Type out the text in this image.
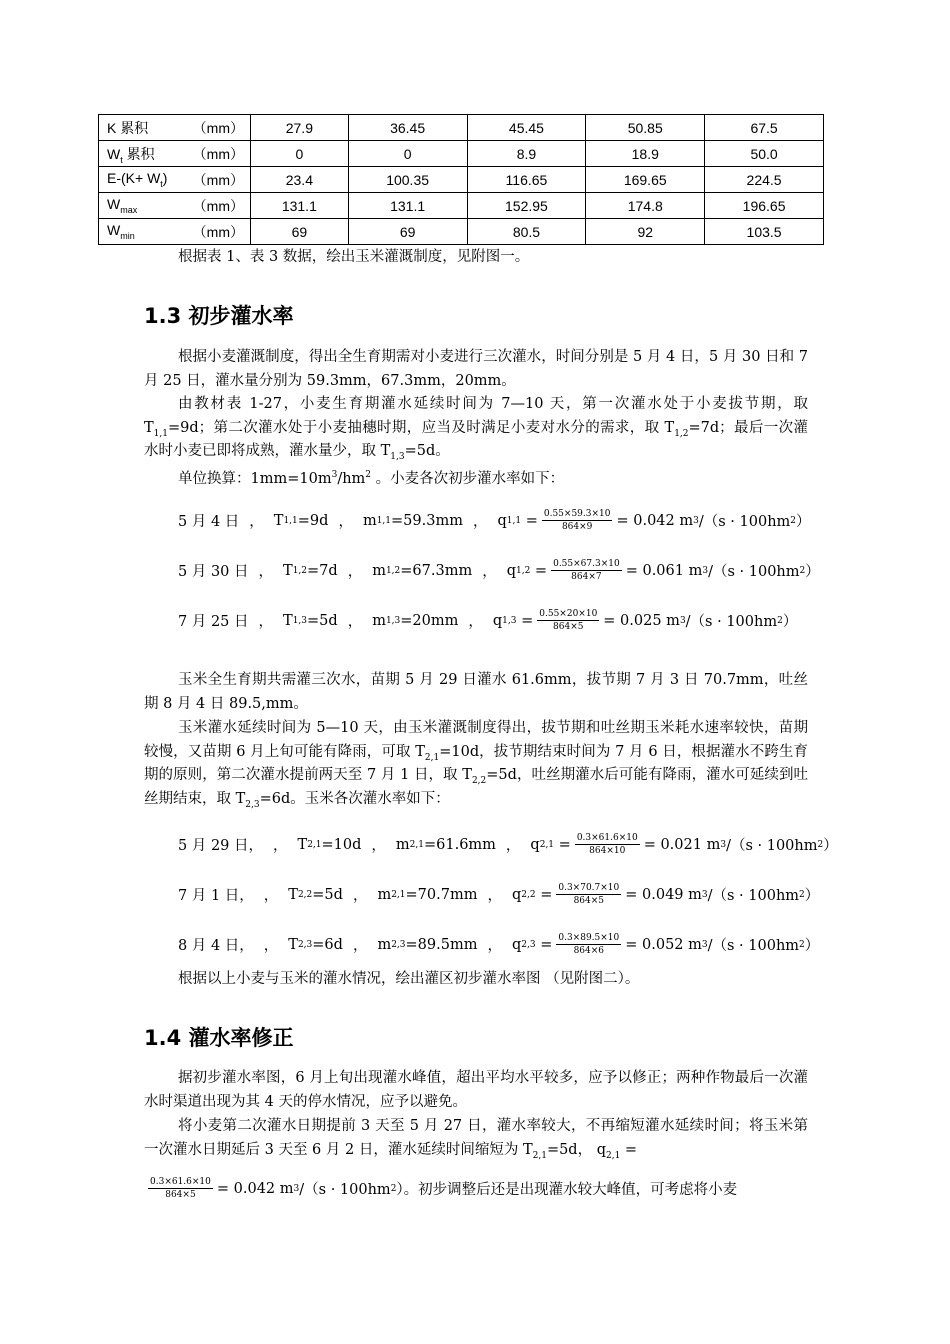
K 累积 （mm）	27.9	36.45	45.45	50.85	67.5
$W_t$ 累积 （mm）	0	0	8.9	18.9	50.0
$E-(K+ W_t)$ （mm）	23.4	100.35	116.65	169.65	224.5
$W_{max}$ （mm）	131.1	131.1	152.95	174.8	196.65
$W_{min}$ （mm）	69	69	80.5	92	103.5

根据表 1、表 3 数据，绘出玉米灌溉制度，见附图一。

1.3 初步灌水率

根据小麦灌溉制度，得出全生育期需对小麦进行三次灌水，时间分别是 5 月 4 日，5 月 30 日和 7 月 25 日，灌水量分别为 59.3mm，67.3mm，20mm。

由教材表 1-27，小麦生育期灌水延续时间为 7—10 天，第一次灌水处于小麦拔节期，取 $T_{1,1}=9d$；第二次灌水处于小麦抽穗时期，应当及时满足小麦对水分的需求，取 $T_{1,2}=7d$；最后一次灌水时小麦已即将成熟，灌水量少，取 $T_{1,3}=5d$。

单位换算：$1mm=10m^3/hm^2$ 。小麦各次初步灌水率如下：

5 月 4 日 ， T 1,1 =9d ， m 1,1 =59.3mm ， q $1,1 = \frac{0.55\times 59.3\times 10}{864\times 9} = 0.042$ m 3 /（s · 100hm 2 ）
5 月 30 日 ， T 1,2 =7d ， m 1,2 =67.3mm ， q $1,2 = \frac{0.55\times 67.3\times 10}{864\times 7} = 0.061$ m 3 /（s · 100hm 2 ）
7 月 25 日 ， T 1,3 =5d ， m 1,3 =20mm ， q $1,3 = \frac{0.55\times 20\times 10}{864\times 5} = 0.025$ m 3 /（s · 100hm 2 ）

玉米全生育期共需灌三次水，苗期 5 月 29 日灌水 61.6mm，拔节期 7 月 3 日 70.7mm，吐丝期 8 月 4 日 89.5,mm。

玉米灌水延续时间为 5—10 天，由玉米灌溉制度得出，拔节期和吐丝期玉米耗水速率较快，苗期较慢，又苗期 6 月上旬可能有降雨，可取 $T_{2,1}=10d$，拔节期结束时间为 7 月 6 日，根据灌水不跨生育期的原则，第二次灌水提前两天至 7 月 1 日，取 $T_{2,2}=5d$，吐丝期灌水后可能有降雨，灌水可延续到吐丝期结束，取 $T_{2,3}=6d$。玉米各次灌水率如下：

5 月 29 日， ， T 2,1 =10d ， m 2,1 =61.6mm ， q $2,1 = \frac{0.3\times 61.6\times 10}{864\times 10} = 0.021$ m 3 /（s · 100hm 2 ）
7 月 1 日， ， T 2,2 =5d ， m 2,1 =70.7mm ， q $2,2 = \frac{0.3\times 70.7\times 10}{864\times 5} = 0.049$ m 3 /（s · 100hm 2 ）
8 月 4 日， ， T 2,3 =6d ， m 2,3 =89.5mm ， q $2,3 = \frac{0.3\times 89.5\times 10}{864\times 6} = 0.052$ m 3 /（s · 100hm 2 ）

根据以上小麦与玉米的灌水情况，绘出灌区初步灌水率图 （见附图二）。

1.4 灌水率修正

据初步灌水率图，6 月上旬出现灌水峰值，超出平均水平较多，应予以修正；两种作物最后一次灌水时渠道出现为其 4 天的停水情况，应予以避免。

将小麦第二次灌水日期提前 3 天至 5 月 27 日，灌水率较大，不再缩短灌水延续时间；将玉米第一次灌水日期延后 3 天至 6 月 2 日，灌水延续时间缩短为 $T_{2,1}=5d$， $q_{2,1}$ =

$\frac{0.3\times 61.6\times 10}{864\times 5} = 0.042$ m 3 /（s · 100hm 2 ）。初步调整后还是出现灌水较大峰值，可考虑将小麦
